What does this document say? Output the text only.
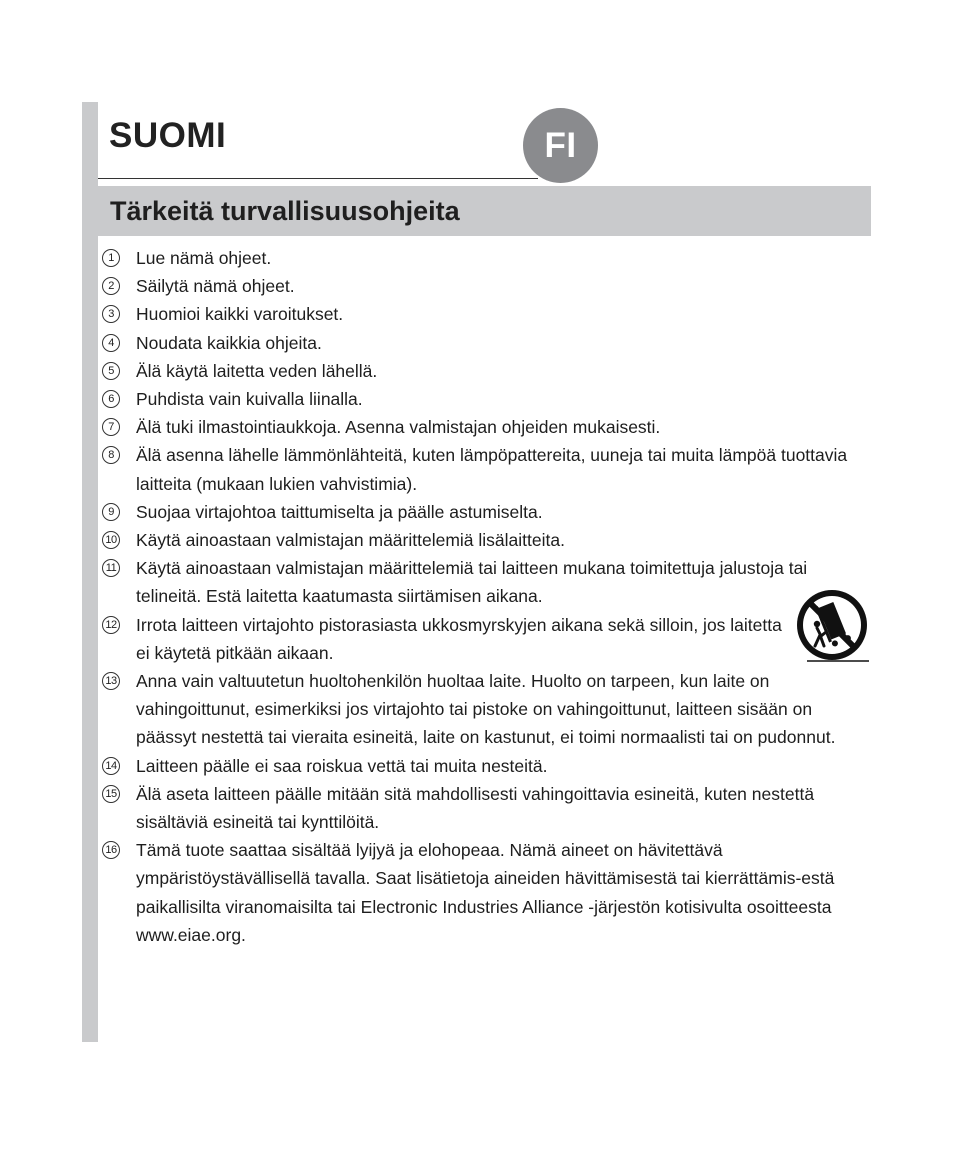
SUOMI	FI
Tärkeitä turvallisuusohjeita
1	Lue nämä ohjeet.
2	Säilytä nämä ohjeet.
3	Huomioi kaikki varoitukset.
4	Noudata kaikkia ohjeita.
5	Älä käytä laitetta veden lähellä.
6	Puhdista vain kuivalla liinalla.
7	Älä tuki ilmastointiaukkoja. Asenna valmistajan ohjeiden mukaisesti.
8	Älä asenna lähelle lämmönlähteitä, kuten lämpöpattereita, uuneja tai muita lämpöä tuottavia laitteita (mukaan lukien vahvistimia).
9	Suojaa virtajohtoa taittumiselta ja päälle astumiselta.
10 Käytä ainoastaan valmistajan määrittelemiä lisälaitteita.
11 Käytä ainoastaan valmistajan määrittelemiä tai laitteen mukana toimitettuja jalustoja tai telineitä. Estä laitetta kaatumasta siirtämisen aikana.
12 Irrota laitteen virtajohto pistorasiasta ukkosmyrskyjen aikana sekä silloin, jos laitetta ei käytetä pitkään aikaan.
13 Anna vain valtuutetun huoltohenkilön huoltaa laite. Huolto on tarpeen, kun laite on vahingoittunut, esimerkiksi jos virtajohto tai pistoke on vahingoittunut, laitteen sisään on päässyt nestettä tai vieraita esineitä, laite on kastunut, ei toimi normaalisti tai on pudonnut.
14 Laitteen päälle ei saa roiskua vettä tai muita nesteitä.
15 Älä aseta laitteen päälle mitään sitä mahdollisesti vahingoittavia esineitä, kuten nestettä sisältäviä esineitä tai kynttilöitä.
16 Tämä tuote saattaa sisältää lyijyä ja elohopeaa. Nämä aineet on hävitettävä ympäristöystävällisellä tavalla. Saat lisätietoja aineiden hävittämisestä tai kierrättämis-estä paikallisilta viranomaisilta tai Electronic Industries Alliance -järjestön kotisivulta osoitteesta www.eiae.org.
